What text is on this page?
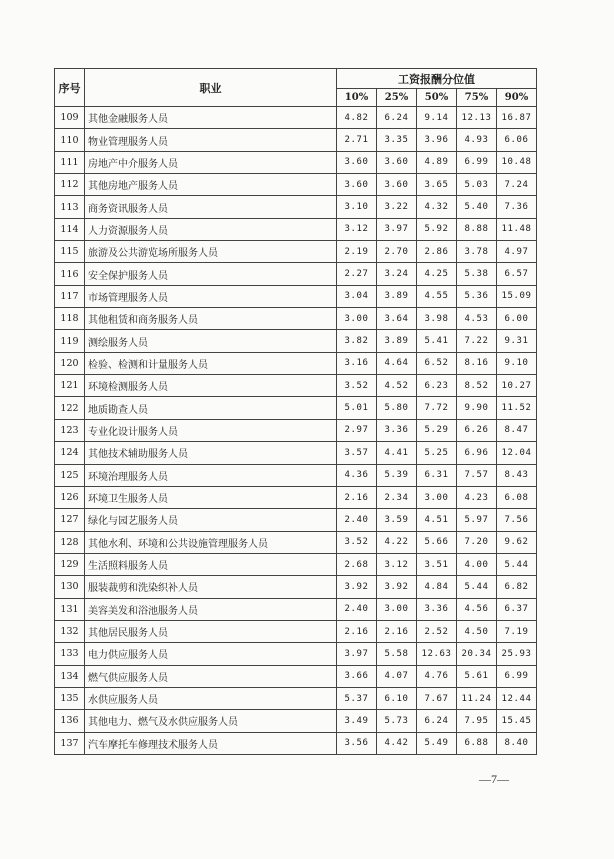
序号	职业	工资报酬分位值				
		10%	25%	50%	75%	90%
109	其他金融服务人员	4.82	6.24	9.14	12.13	16.87
110	物业管理服务人员	2.71	3.35	3.96	4.93	6.06
111	房地产中介服务人员	3.60	3.60	4.89	6.99	10.48
112	其他房地产服务人员	3.60	3.60	3.65	5.03	7.24
113	商务资讯服务人员	3.10	3.22	4.32	5.40	7.36
114	人力资源服务人员	3.12	3.97	5.92	8.88	11.48
115	旅游及公共游览场所服务人员	2.19	2.70	2.86	3.78	4.97
116	安全保护服务人员	2.27	3.24	4.25	5.38	6.57
117	市场管理服务人员	3.04	3.89	4.55	5.36	15.09
118	其他租赁和商务服务人员	3.00	3.64	3.98	4.53	6.00
119	测绘服务人员	3.82	3.89	5.41	7.22	9.31
120	检验、检测和计量服务人员	3.16	4.64	6.52	8.16	9.10
121	环境检测服务人员	3.52	4.52	6.23	8.52	10.27
122	地质勘查人员	5.01	5.80	7.72	9.90	11.52
123	专业化设计服务人员	2.97	3.36	5.29	6.26	8.47
124	其他技术辅助服务人员	3.57	4.41	5.25	6.96	12.04
125	环境治理服务人员	4.36	5.39	6.31	7.57	8.43
126	环境卫生服务人员	2.16	2.34	3.00	4.23	6.08
127	绿化与园艺服务人员	2.40	3.59	4.51	5.97	7.56
128	其他水利、环境和公共设施管理服务人员	3.52	4.22	5.66	7.20	9.62
129	生活照料服务人员	2.68	3.12	3.51	4.00	5.44
130	服装裁剪和洗染织补人员	3.92	3.92	4.84	5.44	6.82
131	美容美发和浴池服务人员	2.40	3.00	3.36	4.56	6.37
132	其他居民服务人员	2.16	2.16	2.52	4.50	7.19
133	电力供应服务人员	3.97	5.58	12.63	20.34	25.93
134	燃气供应服务人员	3.66	4.07	4.76	5.61	6.99
135	水供应服务人员	5.37	6.10	7.67	11.24	12.44
136	其他电力、燃气及水供应服务人员	3.49	5.73	6.24	7.95	15.45
137	汽车摩托车修理技术服务人员	3.56	4.42	5.49	6.88	8.40
—7—
